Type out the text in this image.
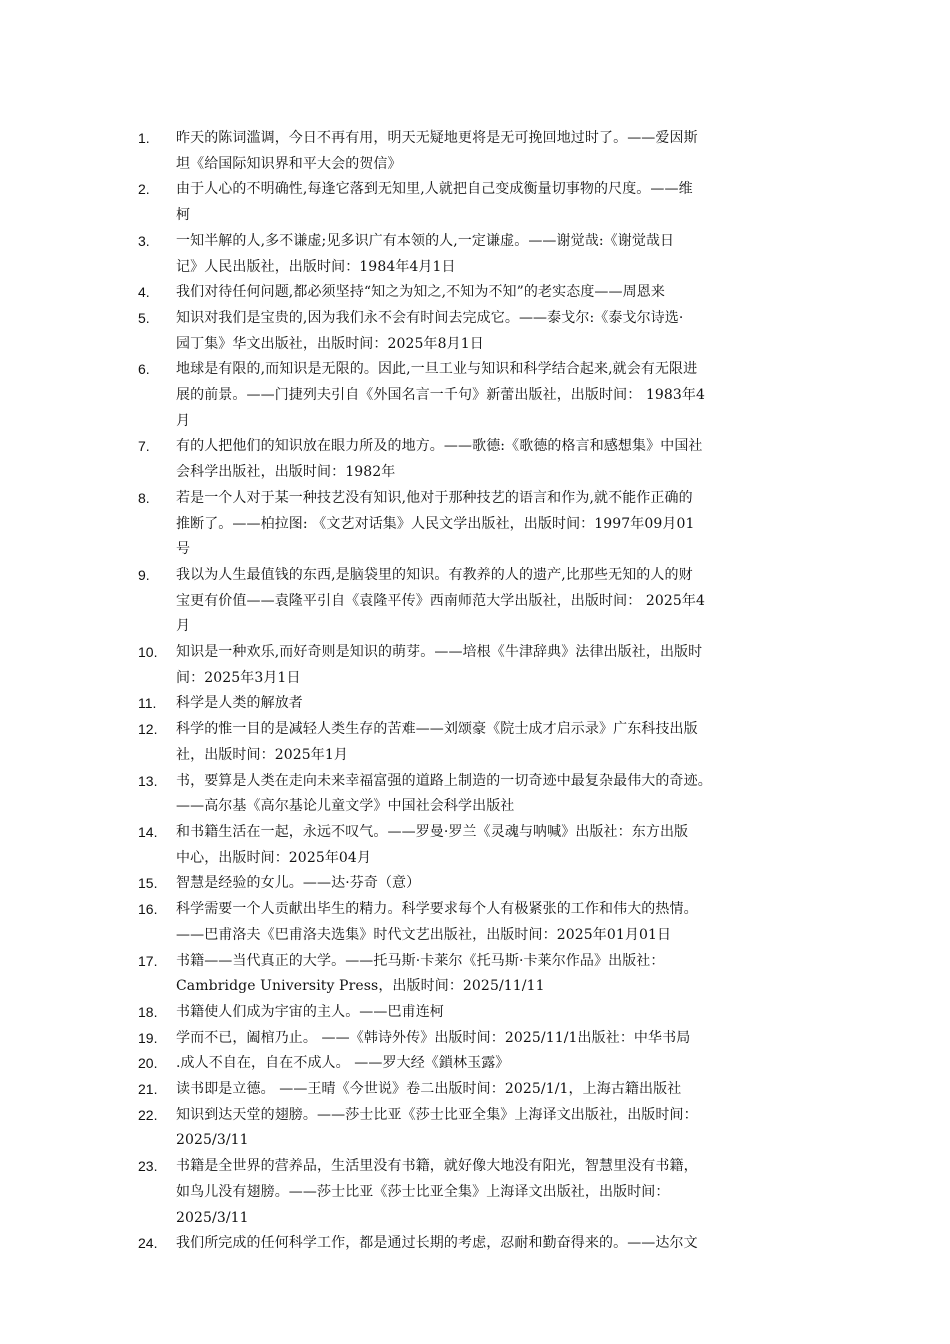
1.	昨天的陈词滥调，今日不再有用，明天无疑地更将是无可挽回地过时了。——爱因斯
坦《给国际知识界和平大会的贺信》
2.	由于人心的不明确性,每逢它落到无知里,人就把自己变成衡量切事物的尺度。——维
柯
3.	一知半解的人,多不谦虚;见多识广有本领的人,一定谦虚。——谢觉哉:《谢觉哉日
记》人民出版社，出版时间：1984年4月1日
4.	我们对待任何问题,都必须坚持“知之为知之,不知为不知”的老实态度——周恩来
5.	知识对我们是宝贵的,因为我们永不会有时间去完成它。——泰戈尔:《泰戈尔诗选·
园丁集》华文出版社，出版时间：2025年8月1日
6.	地球是有限的,而知识是无限的。因此,一旦工业与知识和科学结合起来,就会有无限进
展的前景。——门捷列夫引自《外国名言一千句》新蕾出版社，出版时间： 1983年4
月
7.	有的人把他们的知识放在眼力所及的地方。——歌德:《歌德的格言和感想集》中国社
会科学出版社，出版时间：1982年
8.	若是一个人对于某一种技艺没有知识,他对于那种技艺的语言和作为,就不能作正确的
推断了。——柏拉图: 《文艺对话集》人民文学出版社，出版时间：1997年09月01
号
9.	我以为人生最值钱的东西,是脑袋里的知识。有教养的人的遗产,比那些无知的人的财
宝更有价值——袁隆平引自《袁隆平传》西南师范大学出版社，出版时间： 2025年4
月
10.	知识是一种欢乐,而好奇则是知识的萌芽。——培根《牛津辞典》法律出版社，出版时
间：2025年3月1日
11.	科学是人类的解放者
12.	科学的惟一目的是减轻人类生存的苦难——刘颂豪《院士成才启示录》广东科技出版
社，出版时间：2025年1月
13.	书，要算是人类在走向未来幸福富强的道路上制造的一切奇迹中最复杂最伟大的奇迹。
——高尔基《高尔基论儿童文学》中国社会科学出版社
14.	和书籍生活在一起，永远不叹气。——罗曼·罗兰《灵魂与呐喊》出版社：东方出版
中心，出版时间：2025年04月
15.	智慧是经验的女儿。——达·芬奇（意）
16.	科学需要一个人贡献出毕生的精力。科学要求每个人有极紧张的工作和伟大的热情。
——巴甫洛夫《巴甫洛夫选集》时代文艺出版社，出版时间：2025年01月01日
17.	书籍——当代真正的大学。——托马斯·卡莱尔《托马斯·卡莱尔作品》出版社：
Cambridge University Press，出版时间：2025/11/11
18.	书籍使人们成为宇宙的主人。——巴甫连柯
19.	学而不已，阖棺乃止。 ——《韩诗外传》出版时间：2025/11/1出版社：中华书局
20.	.成人不自在，自在不成人。 ——罗大经《鎖林玉露》
21.	读书即是立德。 ——王晴《今世说》卷二出版时间：2025/1/1，上海古籍出版社
22.	知识到达天堂的翅膀。——莎士比亚《莎士比亚全集》上海译文出版社，出版时间：
2025/3/11
23.	书籍是全世界的营养品，生活里没有书籍，就好像大地没有阳光，智慧里没有书籍，
如鸟儿没有翅膀。——莎士比亚《莎士比亚全集》上海译文出版社，出版时间：
2025/3/11
24.	我们所完成的任何科学工作，都是通过长期的考虑，忍耐和勤奋得来的。——达尔文
